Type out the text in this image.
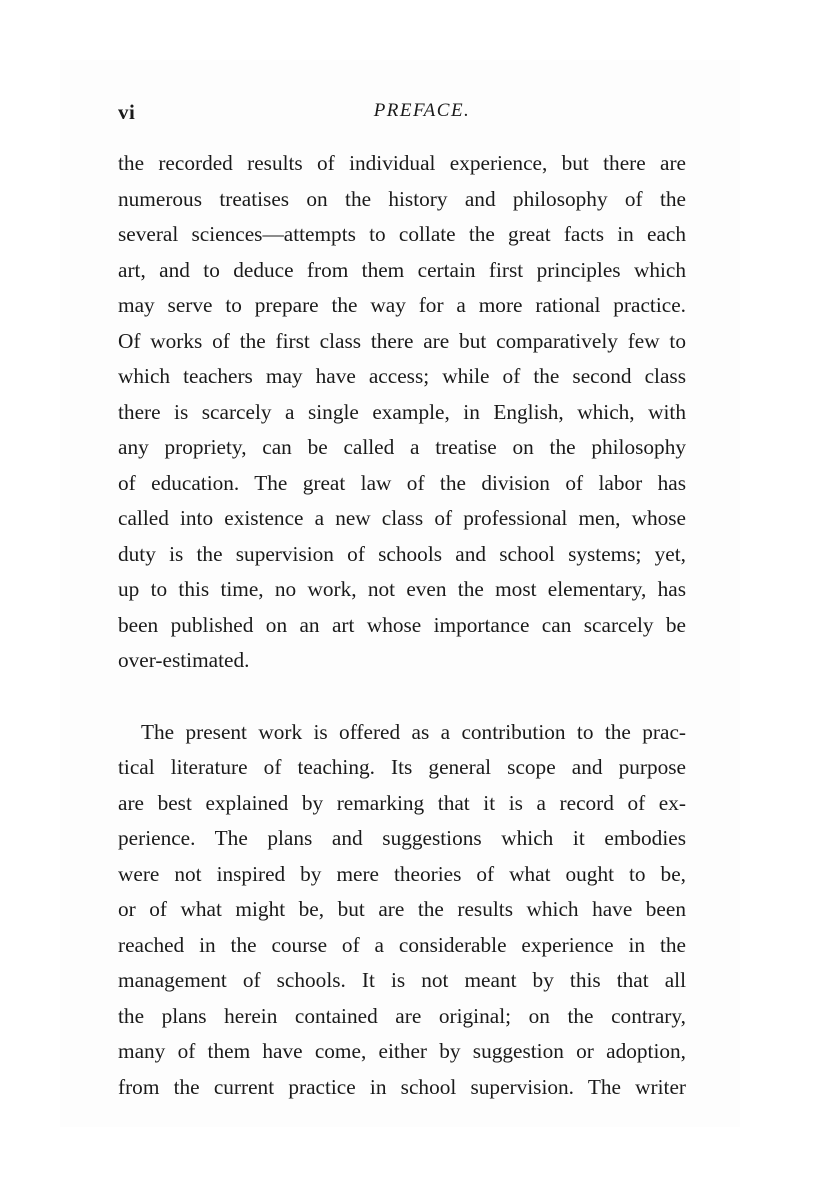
vi	PREFACE.
the recorded results of individual experience, but there are
numerous treatises on the history and philosophy of the
several sciences—attempts to collate the great facts in each
art, and to deduce from them certain first principles which
may serve to prepare the way for a more rational practice.
Of works of the first class there are but comparatively few to
which teachers may have access; while of the second class
there is scarcely a single example, in English, which, with
any propriety, can be called a treatise on the philosophy
of education. The great law of the division of labor has
called into existence a new class of professional men, whose
duty is the supervision of schools and school systems; yet,
up to this time, no work, not even the most elementary, has
been published on an art whose importance can scarcely be
over-estimated.
The present work is offered as a contribution to the prac-
tical literature of teaching. Its general scope and purpose
are best explained by remarking that it is a record of ex-
perience. The plans and suggestions which it embodies
were not inspired by mere theories of what ought to be,
or of what might be, but are the results which have been
reached in the course of a considerable experience in the
management of schools. It is not meant by this that all
the plans herein contained are original; on the contrary,
many of them have come, either by suggestion or adoption,
from the current practice in school supervision. The writer
